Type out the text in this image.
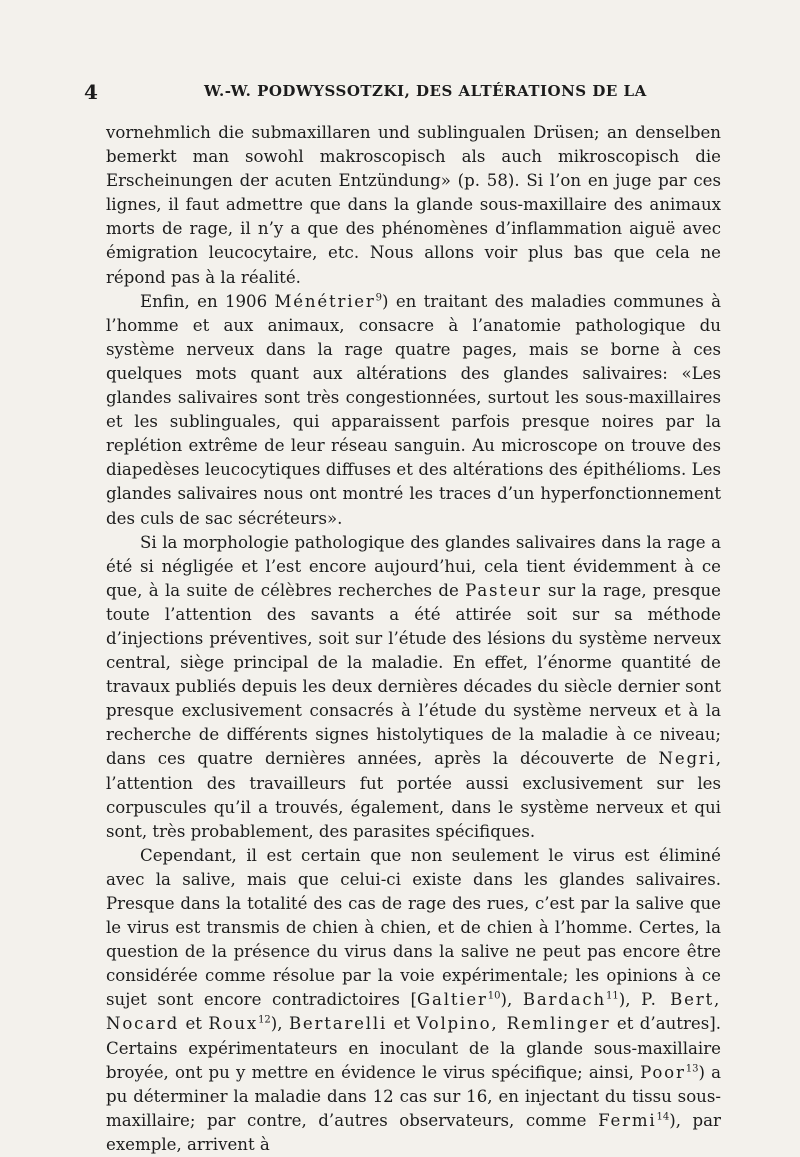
4	W.-W. PODWYSSOTZKI, DES ALTÉRATIONS DE LA

vornehmlich die submaxillaren und sublingualen Drüsen; an denselben bemerkt man sowohl makroscopisch als auch mikroscopisch die Erscheinungen der acuten Entzündung» (p. 58). Si l’on en juge par ces lignes, il faut admettre que dans la glande sous-maxillaire des animaux morts de rage, il n’y a que des phénomènes d’inflammation aiguë avec émigration leucocytaire, etc. Nous allons voir plus bas que cela ne répond pas à la réalité.

Enfin, en 1906 Ménétrier$^9$) en traitant des maladies communes à l’homme et aux animaux, consacre à l’anatomie pathologique du système nerveux dans la rage quatre pages, mais se borne à ces quelques mots quant aux altérations des glandes salivaires: «Les glandes salivaires sont très congestionnées, surtout les sous-maxillaires et les sublinguales, qui apparaissent parfois presque noires par la replétion extrême de leur réseau sanguin. Au microscope on trouve des diapedèses leucocytiques diffuses et des altérations des épithélioms. Les glandes salivaires nous ont montré les traces d’un hyperfonctionnement des culs de sac sécréteurs».

Si la morphologie pathologique des glandes salivaires dans la rage a été si négligée et l’est encore aujourd’hui, cela tient évidemment à ce que, à la suite de célèbres recherches de Pasteur sur la rage, presque toute l’attention des savants a été attirée soit sur sa méthode d’injections préventives, soit sur l’étude des lésions du système nerveux central, siège principal de la maladie. En effet, l’énorme quantité de travaux publiés depuis les deux dernières décades du siècle dernier sont presque exclusivement consacrés à l’étude du système nerveux et à la recherche de différents signes histolytiques de la maladie à ce niveau; dans ces quatre dernières années, après la découverte de Negri, l’attention des travailleurs fut portée aussi exclusivement sur les corpuscules qu’il a trouvés, également, dans le système nerveux et qui sont, très probablement, des parasites spécifiques.

Cependant, il est certain que non seulement le virus est éliminé avec la salive, mais que celui-ci existe dans les glandes salivaires. Presque dans la totalité des cas de rage des rues, c’est par la salive que le virus est transmis de chien à chien, et de chien à l’homme. Certes, la question de la présence du virus dans la salive ne peut pas encore être considérée comme résolue par la voie expérimentale; les opinions à ce sujet sont encore contradictoires [Galtier$^{10}$), Bardach$^{11}$), P. Bert, Nocard et Roux$^{12}$), Bertarelli et Volpino, Remlinger et d’autres]. Certains expérimentateurs en inoculant de la glande sous-maxillaire broyée, ont pu y mettre en évidence le virus spécifique; ainsi, Poor$^{13}$) a pu déterminer la maladie dans 12 cas sur 16, en injectant du tissu sous-maxillaire; par contre, d’autres observateurs, comme Fermi$^{14}$), par exemple, arrivent à
